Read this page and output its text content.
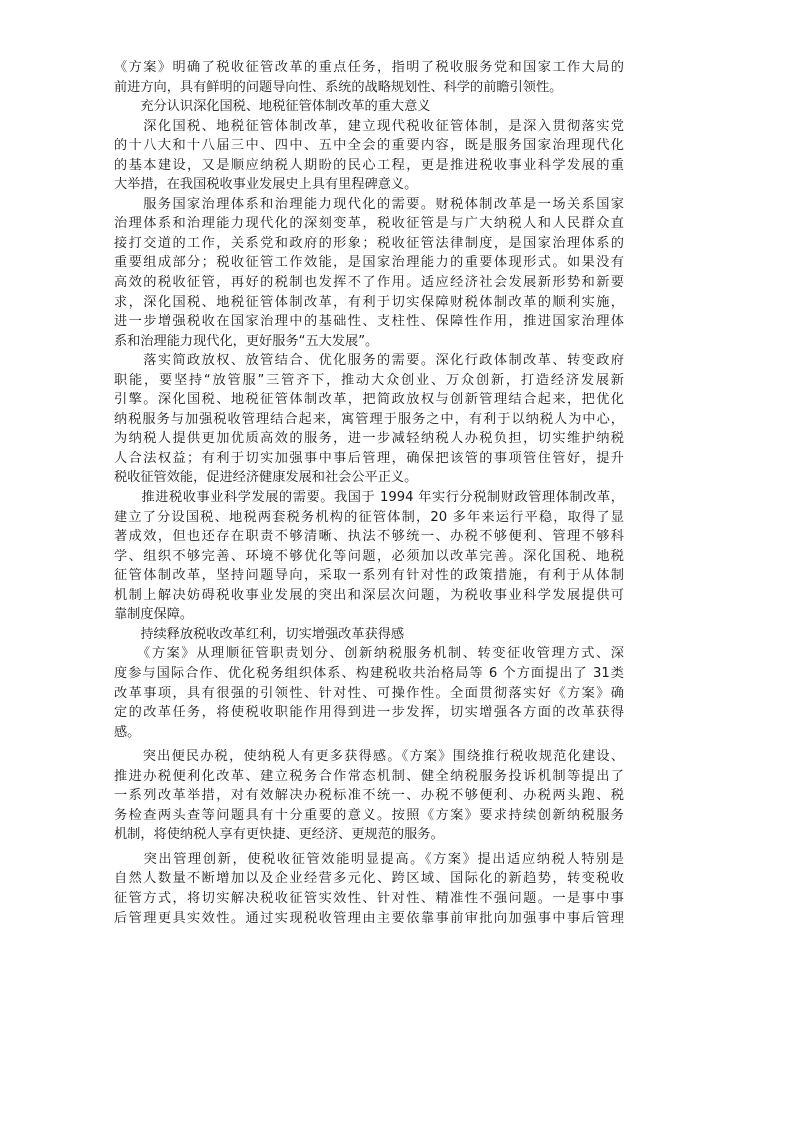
《方案》明确了税收征管改革的重点任务，指明了税收服务党和国家工作大局的
前进方向，具有鲜明的问题导向性、系统的战略规划性、科学的前瞻引领性。
　　充分认识深化国税、地税征管体制改革的重大意义
　　深化国税、地税征管体制改革，建立现代税收征管体制，是深入贯彻落实党
的十八大和十八届三中、四中、五中全会的重要内容，既是服务国家治理现代化
的基本建设，又是顺应纳税人期盼的民心工程，更是推进税收事业科学发展的重
大举措，在我国税收事业发展史上具有里程碑意义。
　　服务国家治理体系和治理能力现代化的需要。财税体制改革是一场关系国家
治理体系和治理能力现代化的深刻变革，税收征管是与广大纳税人和人民群众直
接打交道的工作，关系党和政府的形象；税收征管法律制度，是国家治理体系的
重要组成部分；税收征管工作效能，是国家治理能力的重要体现形式。如果没有
高效的税收征管，再好的税制也发挥不了作用。适应经济社会发展新形势和新要
求，深化国税、地税征管体制改革，有利于切实保障财税体制改革的顺利实施，
进一步增强税收在国家治理中的基础性、支柱性、保障性作用，推进国家治理体
系和治理能力现代化，更好服务“五大发展”。
　　落实简政放权、放管结合、优化服务的需要。深化行政体制改革、转变政府
职能，要坚持“放管服”三管齐下，推动大众创业、万众创新，打造经济发展新
引擎。深化国税、地税征管体制改革，把简政放权与创新管理结合起来，把优化
纳税服务与加强税收管理结合起来，寓管理于服务之中，有利于以纳税人为中心，
为纳税人提供更加优质高效的服务，进一步减轻纳税人办税负担，切实维护纳税
人合法权益；有利于切实加强事中事后管理，确保把该管的事项管住管好，提升
税收征管效能，促进经济健康发展和社会公平正义。
　　推进税收事业科学发展的需要。我国于 1994 年实行分税制财政管理体制改革，
建立了分设国税、地税两套税务机构的征管体制，20 多年来运行平稳，取得了显
著成效，但也还存在职责不够清晰、执法不够统一、办税不够便利、管理不够科
学、组织不够完善、环境不够优化等问题，必须加以改革完善。深化国税、地税
征管体制改革，坚持问题导向，采取一系列有针对性的政策措施，有利于从体制
机制上解决妨碍税收事业发展的突出和深层次问题，为税收事业科学发展提供可
靠制度保障。
　　持续释放税收改革红利，切实增强改革获得感
　　《方案》从理顺征管职责划分、创新纳税服务机制、转变征收管理方式、深
度参与国际合作、优化税务组织体系、构建税收共治格局等 6 个方面提出了 31类
改革事项，具有很强的引领性、针对性、可操作性。全面贯彻落实好《方案》确
定的改革任务，将使税收职能作用得到进一步发挥，切实增强各方面的改革获得
感。
　　突出便民办税，使纳税人有更多获得感。《方案》围绕推行税收规范化建设、
推进办税便利化改革、建立税务合作常态机制、健全纳税服务投诉机制等提出了
一系列改革举措，对有效解决办税标准不统一、办税不够便利、办税两头跑、税
务检查两头查等问题具有十分重要的意义。按照《方案》要求持续创新纳税服务
机制，将使纳税人享有更快捷、更经济、更规范的服务。
　　突出管理创新，使税收征管效能明显提高。《方案》提出适应纳税人特别是
自然人数量不断增加以及企业经营多元化、跨区域、国际化的新趋势，转变税收
征管方式，将切实解决税收征管实效性、针对性、精准性不强问题。一是事中事
后管理更具实效性。通过实现税收管理由主要依靠事前审批向加强事中事后管理
